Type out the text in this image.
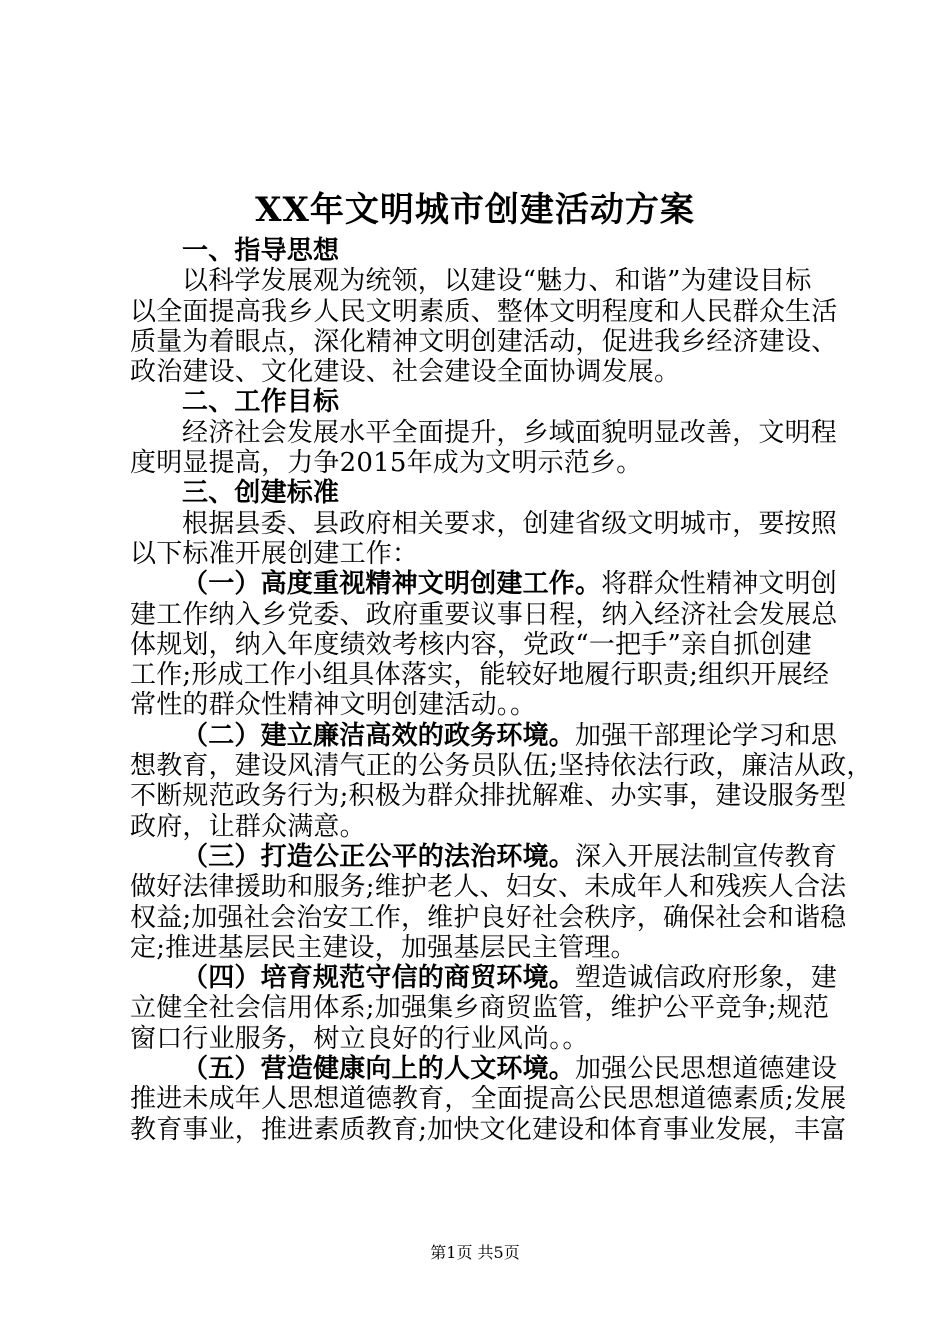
XX年文明城市创建活动方案
一、指导思想
以科学发展观为统领，以建设“魅力、和谐”为建设目标
以全面提高我乡人民文明素质、整体文明程度和人民群众生活
质量为着眼点，深化精神文明创建活动，促进我乡经济建设、
政治建设、文化建设、社会建设全面协调发展。
二、工作目标
经济社会发展水平全面提升，乡域面貌明显改善，文明程
度明显提高，力争2015年成为文明示范乡。
三、创建标准
根据县委、县政府相关要求，创建省级文明城市，要按照
以下标准开展创建工作：
（一）高度重视精神文明创建工作。将群众性精神文明创
建工作纳入乡党委、政府重要议事日程，纳入经济社会发展总
体规划，纳入年度绩效考核内容，党政“一把手”亲自抓创建
工作;形成工作小组具体落实，能较好地履行职责;组织开展经
常性的群众性精神文明创建活动。。
（二）建立廉洁高效的政务环境。加强干部理论学习和思
想教育，建设风清气正的公务员队伍;坚持依法行政，廉洁从政，
不断规范政务行为;积极为群众排扰解难、办实事，建设服务型
政府，让群众满意。
（三）打造公正公平的法治环境。深入开展法制宣传教育
做好法律援助和服务;维护老人、妇女、未成年人和残疾人合法
权益;加强社会治安工作，维护良好社会秩序，确保社会和谐稳
定;推进基层民主建设，加强基层民主管理。
（四）培育规范守信的商贸环境。塑造诚信政府形象，建
立健全社会信用体系;加强集乡商贸监管，维护公平竞争;规范
窗口行业服务，树立良好的行业风尚。。
（五）营造健康向上的人文环境。加强公民思想道德建设
推进未成年人思想道德教育，全面提高公民思想道德素质;发展
教育事业，推进素质教育;加快文化建设和体育事业发展，丰富
第1页 共5页
